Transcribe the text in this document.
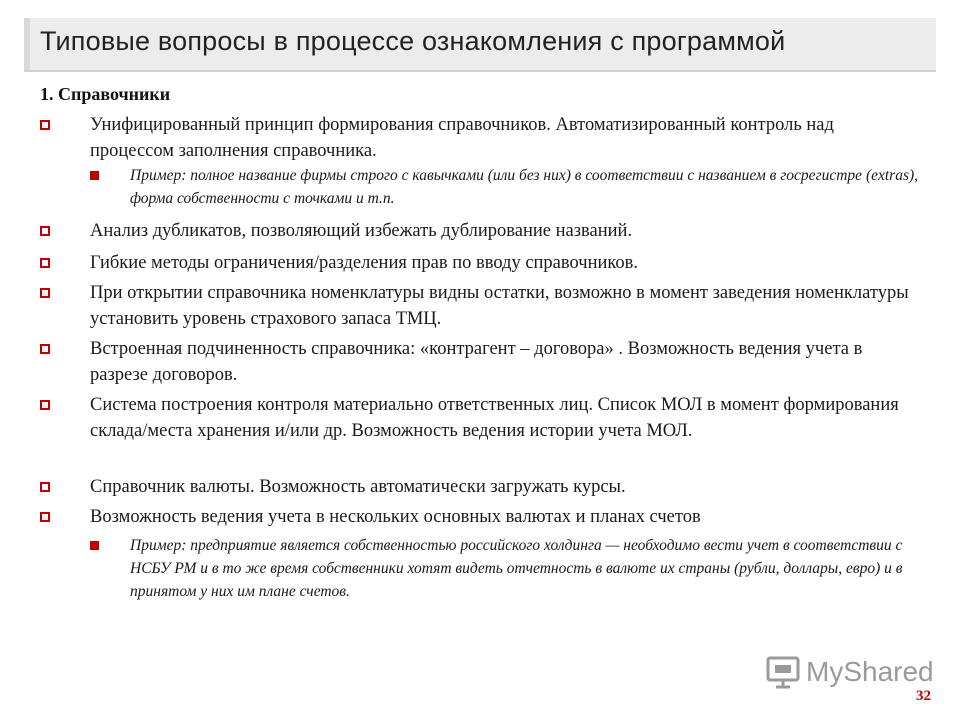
Типовые вопросы в процессе ознакомления с программой
1. Справочники
Унифицированный принцип формирования справочников. Автоматизированный контроль над процессом заполнения справочника.
Пример: полное название фирмы строго с кавычками (или без них) в соответствии с названием в госрегистре (extras), форма собственности с точками и т.п.
Анализ дубликатов, позволяющий избежать дублирование названий.
Гибкие методы ограничения/разделения прав по вводу справочников.
При открытии справочника номенклатуры видны остатки, возможно в момент заведения номенклатуры установить уровень страхового запаса ТМЦ.
Встроенная подчиненность справочника: «контрагент – договора» . Возможность ведения учета в разрезе договоров.
Система построения контроля материально ответственных лиц. Список МОЛ в момент формирования склада/места хранения и/или др. Возможность ведения истории учета МОЛ.
Справочник валюты. Возможность автоматически загружать курсы.
Возможность ведения учета в нескольких основных валютах и планах счетов
Пример: предприятие является собственностью российского холдинга — необходимо вести учет в соответствии с НСБУ РМ и в то же время собственники хотят видеть отчетность в валюте их страны (рубли, доллары, евро) и в принятом у них им плане счетов.
MyShared
32
